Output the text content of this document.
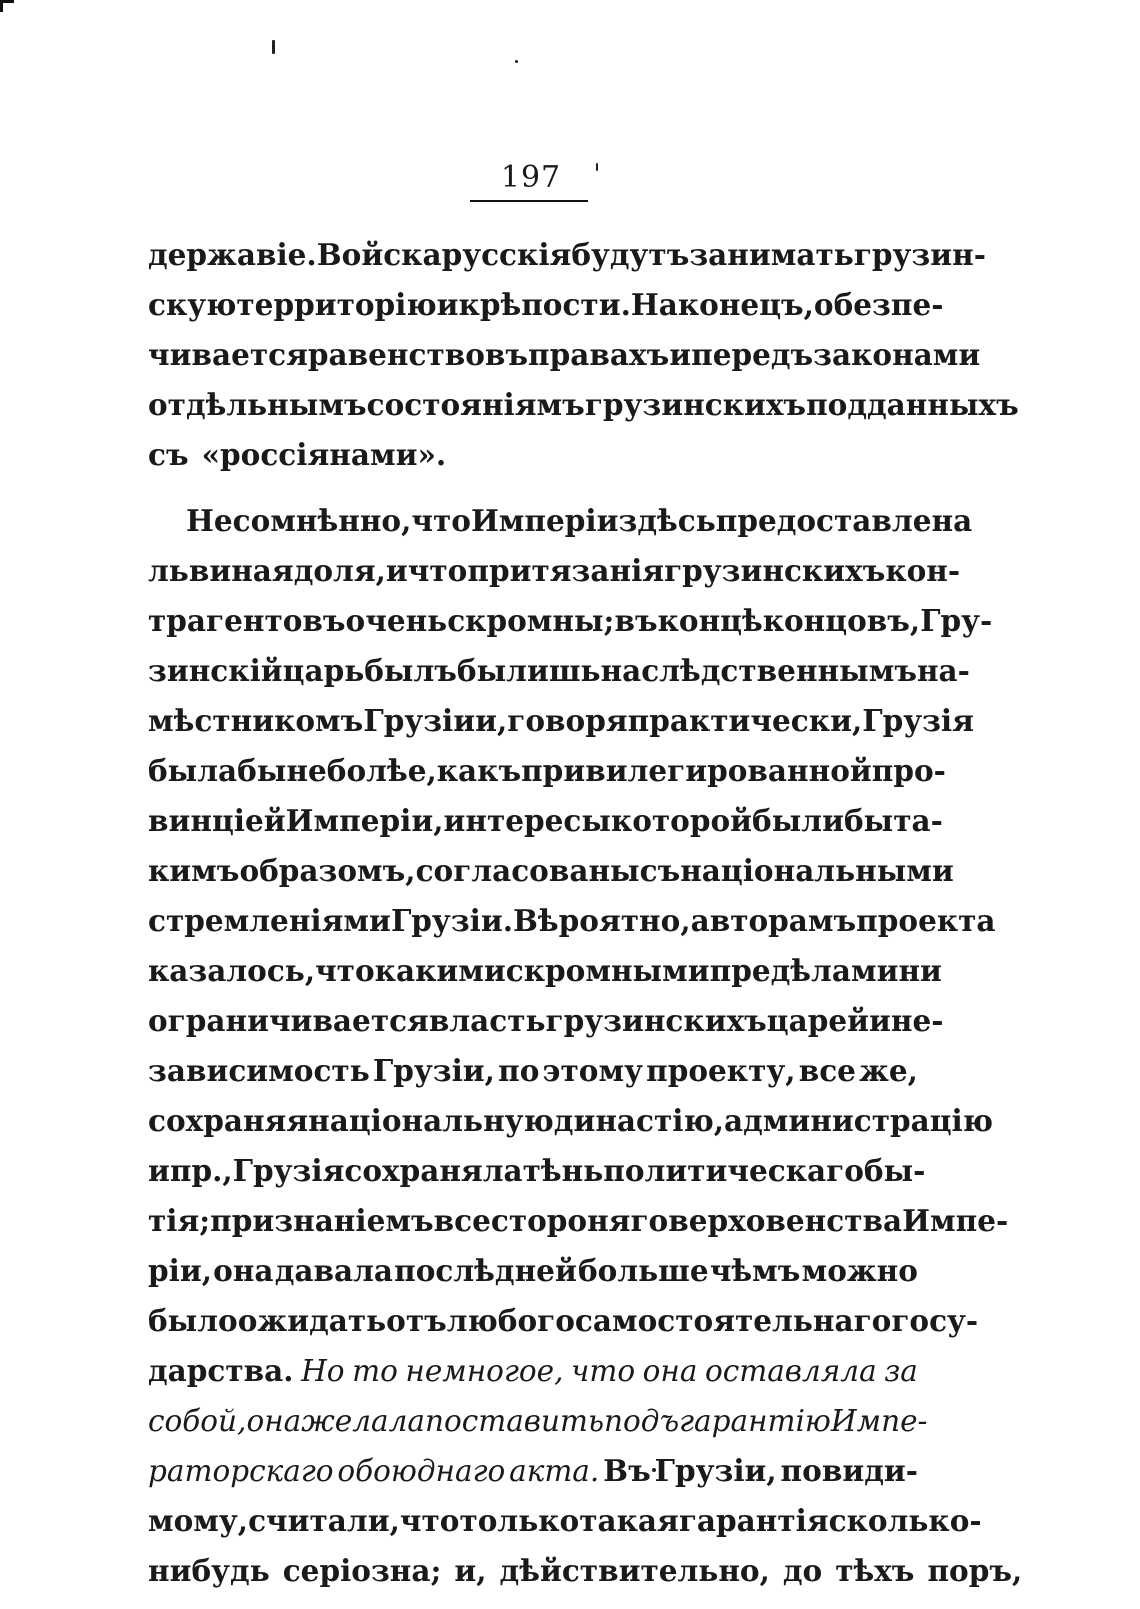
197
державіе. Войска русскія будутъ занимать грузин-
скую территорію и крѣпости. Наконецъ, обезпе-
чивается равенство въ правахъ и передъ законами
отдѣльнымъ состояніямъ грузинскихъ подданныхъ
съ «россіянами».
Несомнѣнно, что Имперіи здѣсь предоставлена
львиная доля, и что притязанія грузинскихъ кон-
трагентовъ очень скромны; въ концѣ концовъ, Гру-
зинскій царь былъ бы лишь наслѣдственнымъ на-
мѣстникомъ Грузіи и, говоря практически, Грузія
была бы не болѣе, какъ привилегированной про-
винціей Имперіи, интересы которой были бы та-
кимъ образомъ, согласованы съ національными
стремленіями Грузіи. Вѣроятно, авторамъ проекта
казалось, что какими скромными предѣлами ни
ограничивается власть грузинскихъ царей и не-
зависимость Грузіи, по этому проекту, все же,
сохраняя національную династію, администрацію
и пр., Грузія сохраняла тѣнь политическаго бы-
тія; признаніемъ всестороняго верховенства Импе-
ріи, она давала послѣдней больше чѣмъ можно
было ожидать отъ любого самостоятельнаго госу-
дарства. Но то немногое, что она оставляла за
собой, она желала поставить подъ гарантію Импе-
раторскаго обоюднаго акта. Въ Грузіи, повиди-
мому, считали, что только такая гарантія сколько-
нибудь серіозна; и, дѣйствительно, до тѣхъ поръ,
